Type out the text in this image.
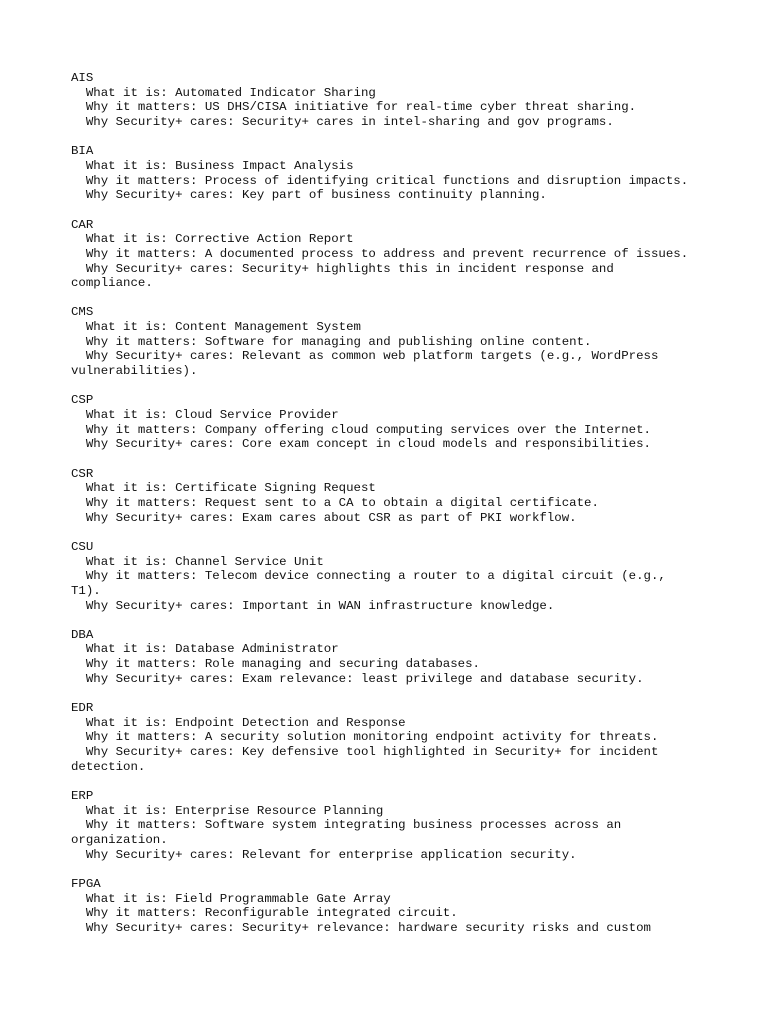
AIS
What it is: Automated Indicator Sharing
Why it matters: US DHS/CISA initiative for real-time cyber threat sharing.
Why Security+ cares: Security+ cares in intel-sharing and gov programs.
BIA
What it is: Business Impact Analysis
Why it matters: Process of identifying critical functions and disruption impacts.
Why Security+ cares: Key part of business continuity planning.
CAR
What it is: Corrective Action Report
Why it matters: A documented process to address and prevent recurrence of issues.
Why Security+ cares: Security+ highlights this in incident response and compliance.
CMS
What it is: Content Management System
Why it matters: Software for managing and publishing online content.
Why Security+ cares: Relevant as common web platform targets (e.g., WordPress vulnerabilities).
CSP
What it is: Cloud Service Provider
Why it matters: Company offering cloud computing services over the Internet.
Why Security+ cares: Core exam concept in cloud models and responsibilities.
CSR
What it is: Certificate Signing Request
Why it matters: Request sent to a CA to obtain a digital certificate.
Why Security+ cares: Exam cares about CSR as part of PKI workflow.
CSU
What it is: Channel Service Unit
Why it matters: Telecom device connecting a router to a digital circuit (e.g., T1).
Why Security+ cares: Important in WAN infrastructure knowledge.
DBA
What it is: Database Administrator
Why it matters: Role managing and securing databases.
Why Security+ cares: Exam relevance: least privilege and database security.
EDR
What it is: Endpoint Detection and Response
Why it matters: A security solution monitoring endpoint activity for threats.
Why Security+ cares: Key defensive tool highlighted in Security+ for incident detection.
ERP
What it is: Enterprise Resource Planning
Why it matters: Software system integrating business processes across an organization.
Why Security+ cares: Relevant for enterprise application security.
FPGA
What it is: Field Programmable Gate Array
Why it matters: Reconfigurable integrated circuit.
Why Security+ cares: Security+ relevance: hardware security risks and custom
